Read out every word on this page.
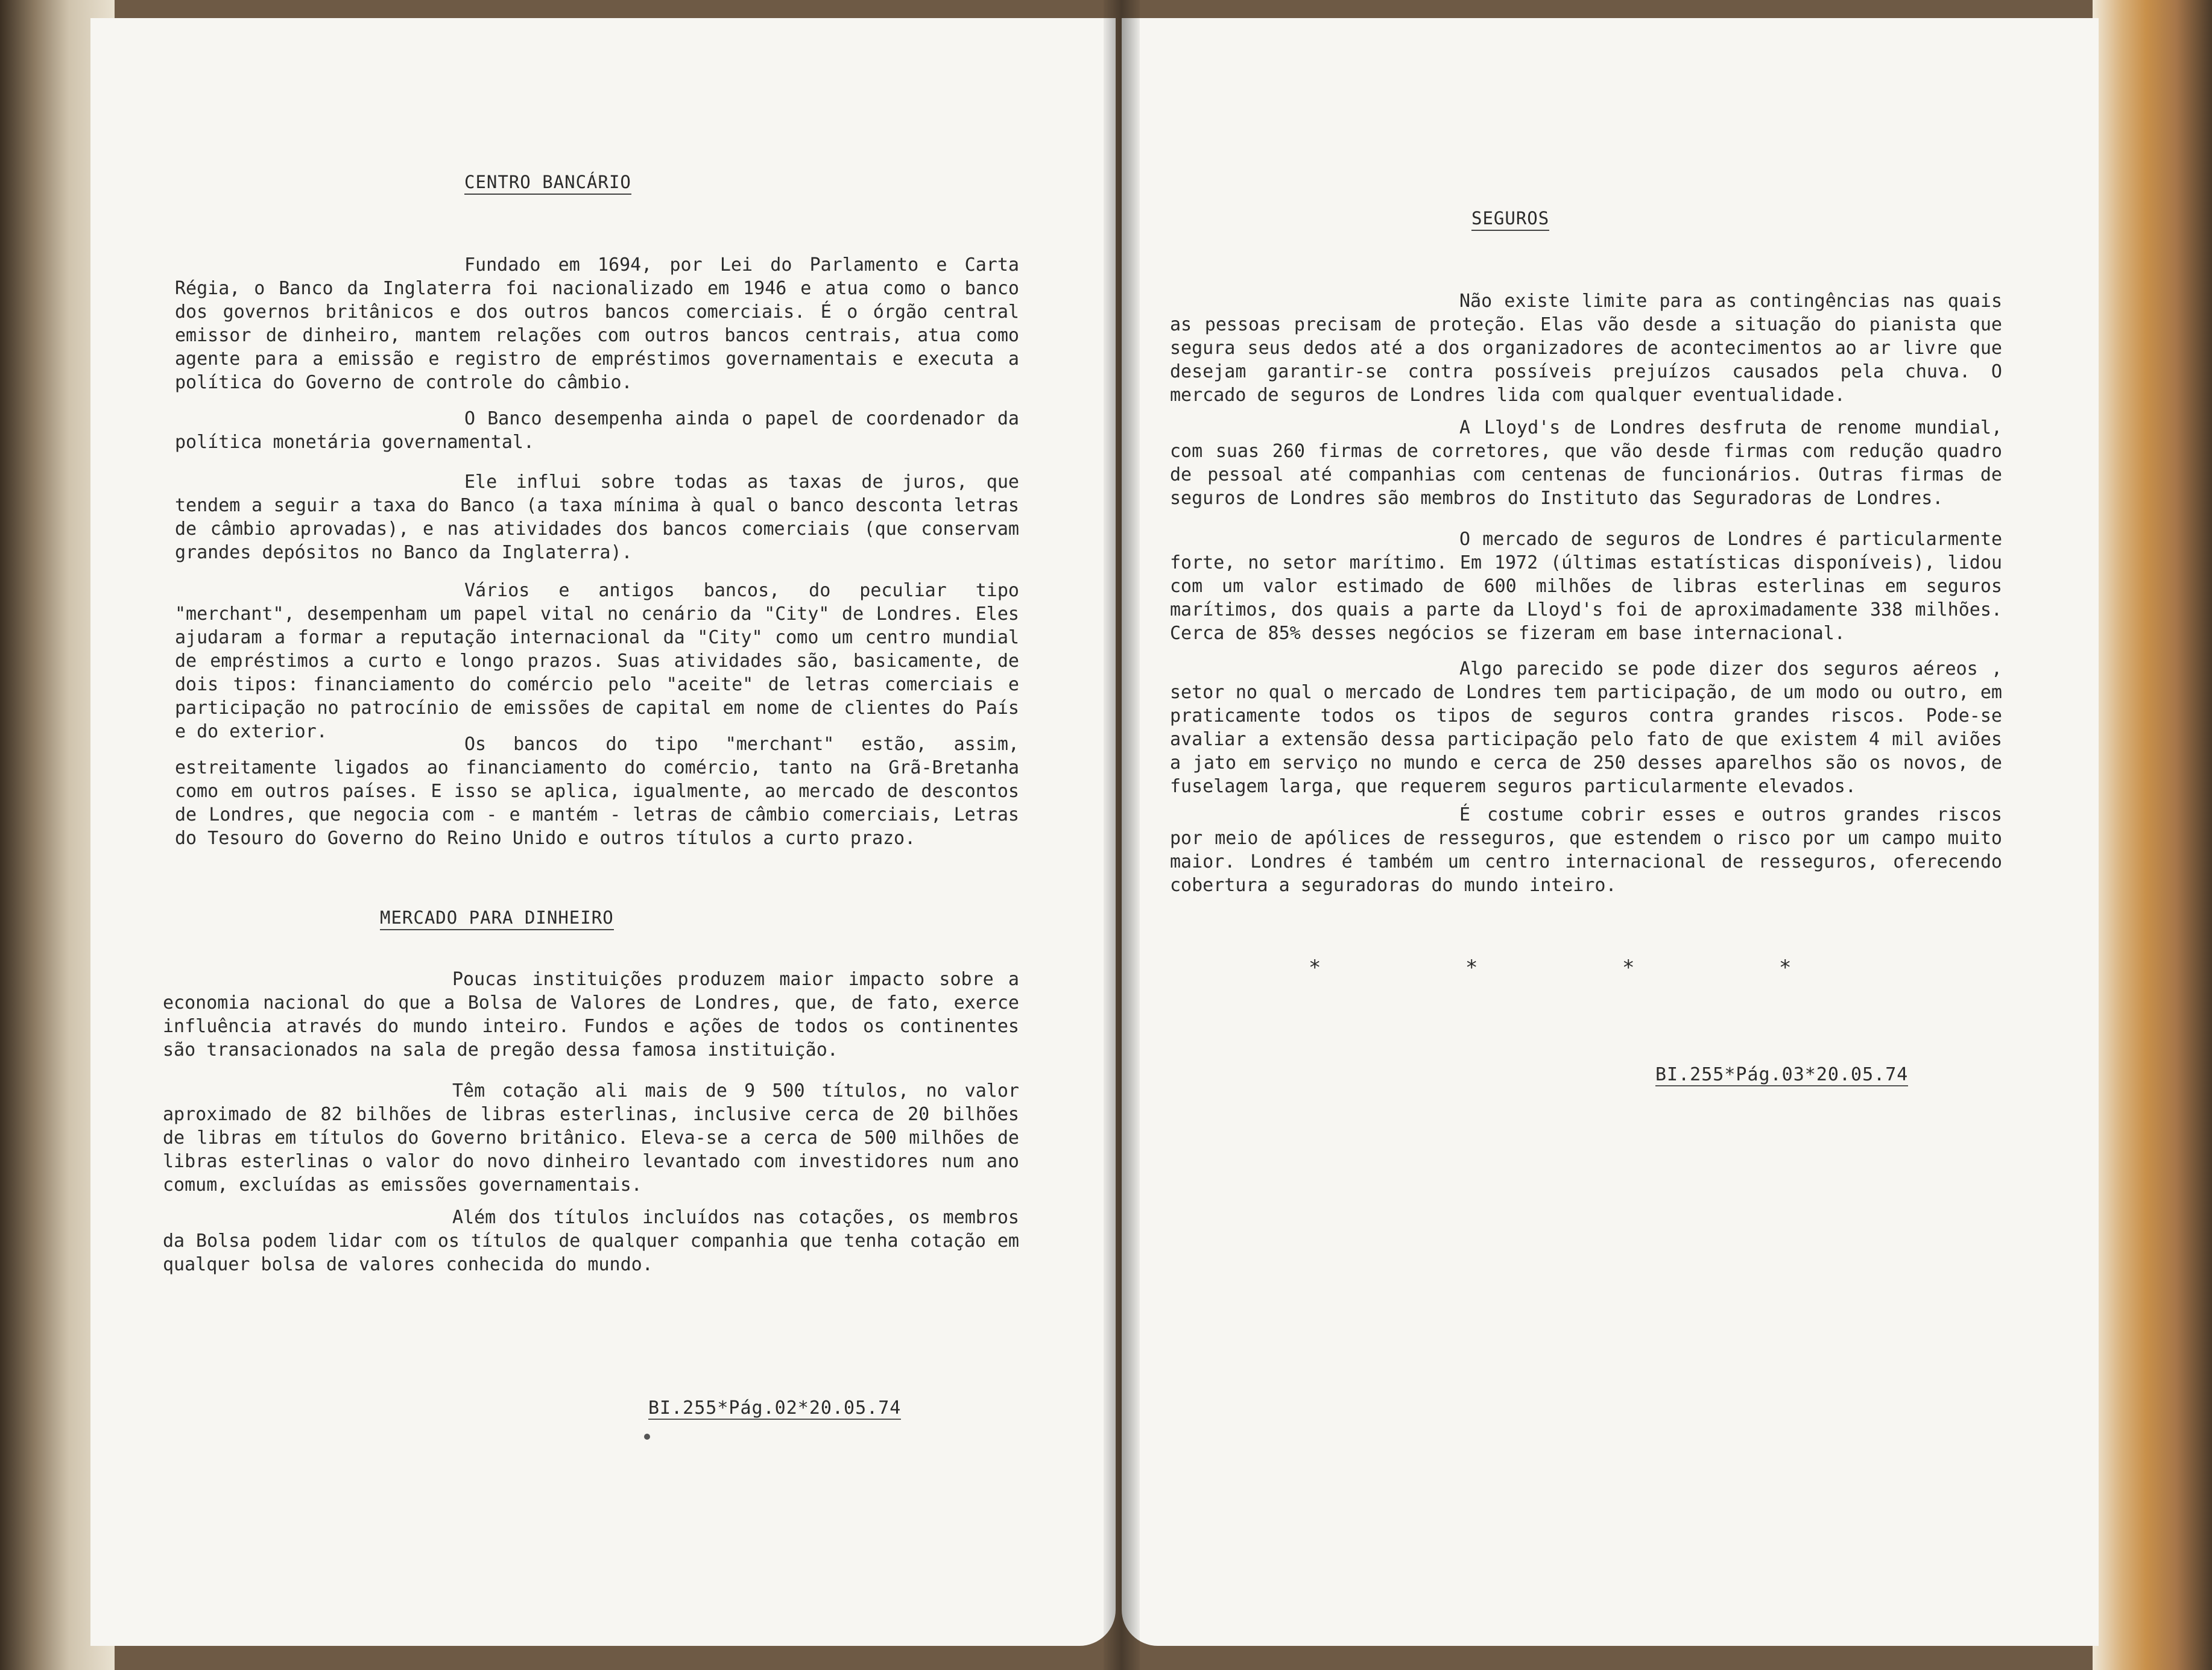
CENTRO BANCÁRIO

Fundado em 1694, por Lei do Parlamento e Carta Régia, o Banco da Inglaterra foi nacionalizado em 1946 e atua como o banco dos governos britânicos e dos outros bancos comerciais. É o órgão central emissor de dinheiro, mantem relações com outros bancos centrais, atua como agente para a emissão e registro de empréstimos governamentais e executa a política do Governo de controle do câmbio.

O Banco desempenha ainda o papel de coordenador da política monetária governamental.

Ele influi sobre todas as taxas de juros, que tendem a seguir a taxa do Banco (a taxa mínima à qual o banco desconta letras de câmbio aprovadas), e nas atividades dos bancos comerciais (que conservam grandes depósitos no Banco da Inglaterra).

Vários e antigos bancos, do peculiar tipo "merchant", desempenham um papel vital no cenário da "City" de Londres. Eles ajudaram a formar a reputação internacional da "City" como um centro mundial de empréstimos a curto e longo prazos. Suas atividades são, basicamente, de dois tipos: financiamento do comércio pelo "aceite" de letras comerciais e participação no patrocínio de emissões de capital em nome de clientes do País e do exterior.

Os bancos do tipo "merchant" estão, assim, estreitamente ligados ao financiamento do comércio, tanto na Grã-Bretanha como em outros países. E isso se aplica, igualmente, ao mercado de descontos de Londres, que negocia com - e mantém - letras de câmbio comerciais, Letras do Tesouro do Governo do Reino Unido e outros títulos a curto prazo.

MERCADO PARA DINHEIRO

Poucas instituições produzem maior impacto sobre a economia nacional do que a Bolsa de Valores de Londres, que, de fato, exerce influência através do mundo inteiro. Fundos e ações de todos os continentes são transacionados na sala de pregão dessa famosa instituição.

Têm cotação ali mais de 9 500 títulos, no valor aproximado de 82 bilhões de libras esterlinas, inclusive cerca de 20 bilhões de libras em títulos do Governo britânico. Eleva-se a cerca de 500 milhões de libras esterlinas o valor do novo dinheiro levantado com investidores num ano comum, excluídas as emissões governamentais.

Além dos títulos incluídos nas cotações, os membros da Bolsa podem lidar com os títulos de qualquer companhia que tenha cotação em qualquer bolsa de valores conhecida do mundo.

BI.255*Pág.02*20.05.74
SEGUROS

Não existe limite para as contingências nas quais as pessoas precisam de proteção. Elas vão desde a situação do pianista que segura seus dedos até a dos organizadores de acontecimentos ao ar livre que desejam garantir-se contra possíveis prejuízos causados pela chuva. O mercado de seguros de Londres lida com qualquer eventualidade.

A Lloyd's de Londres desfruta de renome mundial, com suas 260 firmas de corretores, que vão desde firmas com redução quadro de pessoal até companhias com centenas de funcionários. Outras firmas de seguros de Londres são membros do Instituto das Seguradoras de Londres.

O mercado de seguros de Londres é particularmente forte, no setor marítimo. Em 1972 (últimas estatísticas disponíveis), lidou com um valor estimado de 600 milhões de libras esterlinas em seguros marítimos, dos quais a parte da Lloyd's foi de aproximadamente 338 milhões. Cerca de 85% desses negócios se fizeram em base internacional.

Algo parecido se pode dizer dos seguros aéreos , setor no qual o mercado de Londres tem participação, de um modo ou outro, em praticamente todos os tipos de seguros contra grandes riscos. Pode-se avaliar a extensão dessa participação pelo fato de que existem 4 mil aviões a jato em serviço no mundo e cerca de 250 desses aparelhos são os novos, de fuselagem larga, que requerem seguros particularmente elevados.

É costume cobrir esses e outros grandes riscos por meio de apólices de resseguros, que estendem o risco por um campo muito maior. Londres é também um centro internacional de resseguros, oferecendo cobertura a seguradoras do mundo inteiro.

*	*	*	*
BI.255*Pág.03*20.05.74
